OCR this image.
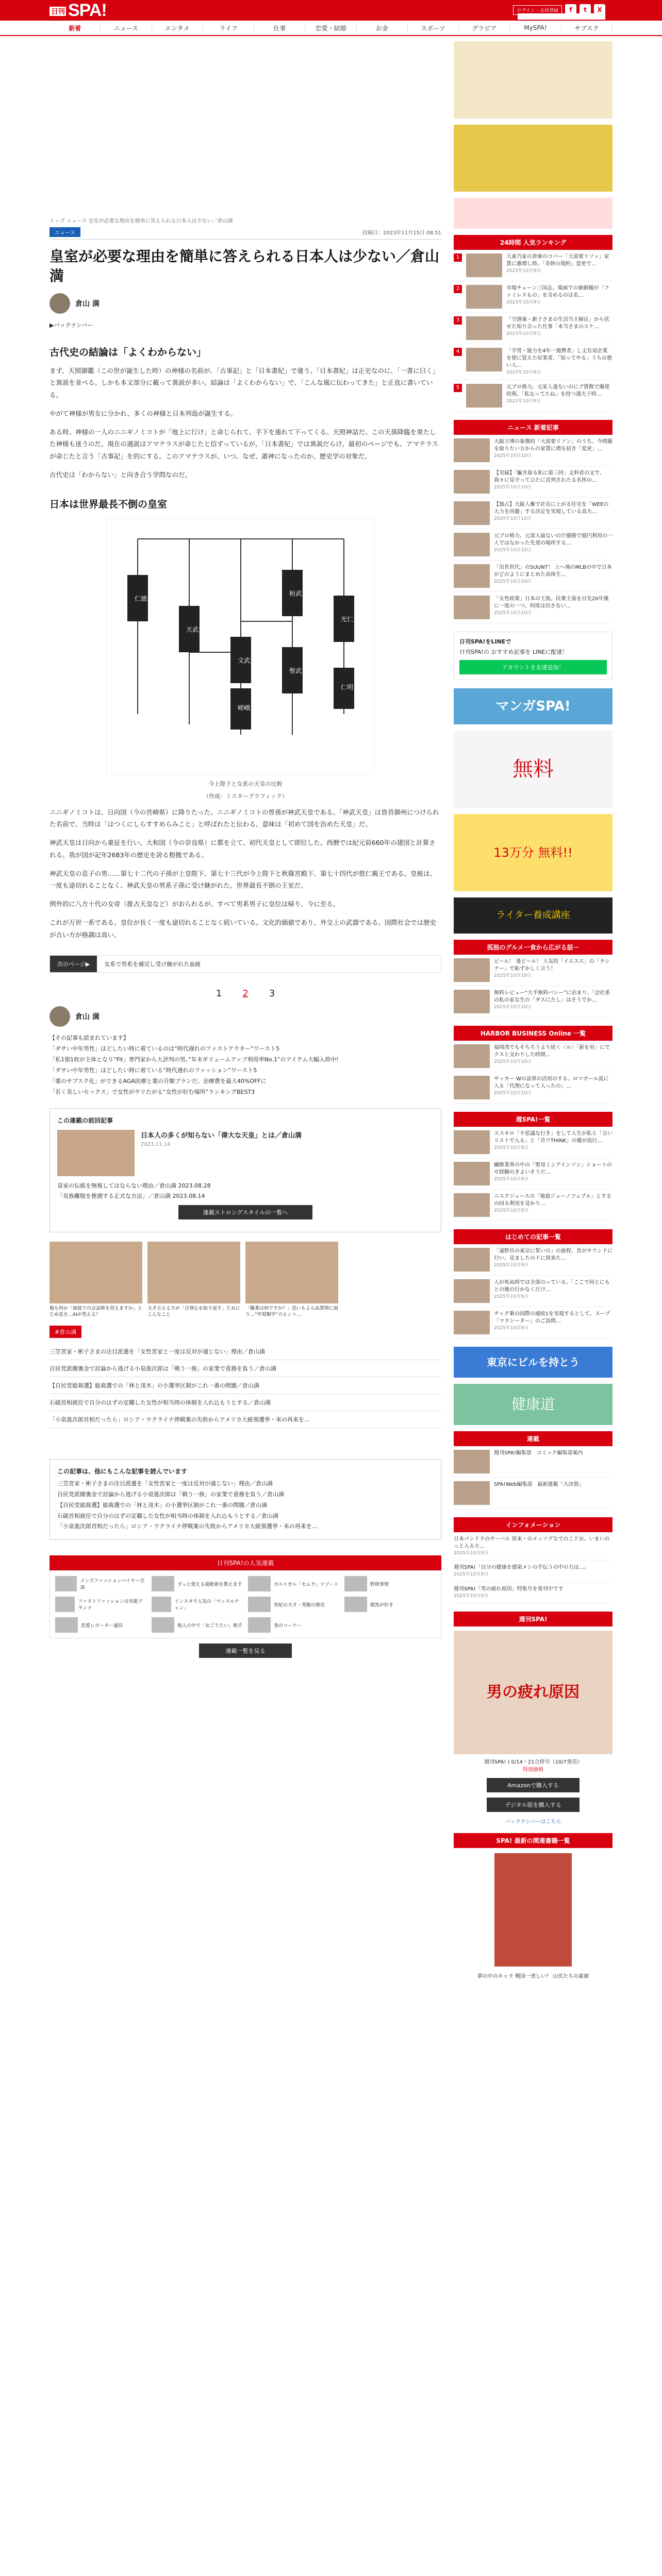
日刊 SPA!	ログイン・会員登録	f	t	X
新着	ニュース	エンタメ	ライフ	仕事	恋愛・結婚	お金	スポーツ	グラビア	MySPA!	サブスク
トップ ニュース 皇室が必要な理由を簡単に答えられる日本人は少ない／倉山満
ニュース	投稿日：2023年11月15日 08:51
皇室が必要な理由を簡単に答えられる日本人は少ない／倉山満
倉山 満
▶バックナンバー
古代史の結論は「よくわからない」

まず、天照御鑑（この世が誕生した時）の神様の名前が、「古事記」と「日本書紀」で違う。「日本書紀」は正史なのに、「一書に曰く」と異説を並べる。しかも本文部分に載って異説が多い。結論は「よくわからない」で、「こんな風に伝わってきた」と正直に書いている。

やがて神様が男女に分かれ、多くの神様と日本列島が誕生する。

ある時、神様の一人のニニギノミコトが「地上に行け」と命じられて、手下を連れて下ってくる。天照神話だ。この天孫降臨を果たした神様も迷うのだ。現在の通説はアマテラスが命じたと信ずっているが、「日本書紀」では異説だらけ。最初のページでも、アマテラスが命じたと言う「古事記」を的にする。このアマテラスが、いつ、なぜ、誰神になったのか。歴史学の対象だ。

古代史は「わからない」と向き合う学問なのだ。

日本は世界最長不倒の皇室
仁徳天皇
天武天皇
文武天皇
聖武天皇
光仁天皇
桓武天皇
嵯峨天皇
仁明天皇
今上陛下と女系の天皇の比較
（作成：ミスターグラフィック）

ニニギノミコトは、日向国（今の宮崎県）に降りたった。ニニギノミコトの曽孫が神武天皇である。「神武天皇」は皆首御州につけられた名前で、当時は「はつくにしらすすめらみこと」と呼ばれたと伝わる。意味は「初めて国を治めた天皇」だ。

神武天皇は日向から東征を行い、大和国（今の奈良県）に都を立て、初代天皇として即位した。西暦では紀元前660年の建国と計算される。我が国が記年2683年の歴史を誇る根拠である。

神武天皇の息子の男……第七十二代の子孫が上皇陛下、第七十三代が今上陛下と秋篠宮殿下、第七十四代が悠仁親王である。皇統は、一度も途切れることなく、神武天皇の男系子孫に受け継がれた。世界最長不倒の王室だ。

例外的に八方十代の女帝（推古天皇など）がおられるが、すべて男系男子に皇位は帰り、今に至る。

これが万世一系である。皇位が長く一度も途切れることなく続いている。文化的価値であり、外交上の武器である。国際社会では歴史が古い方が格調は高い。

次のページ▶	女系で男系を補完し受け継がれた血統
1 2 3
倉山 満
【その記事も読まれています】
「ダサい中年男性」ほどしたい時に着ているのは“時代遅れのファストアウター”ワースト5
「私1冊1枚が主体となり“Fit」専門家から大評判の男。”年末ギリュームアップ利用率No.1”のアイテム大幅入荷中!
「ダサい中年男性」ほどしたい時に着ている“時代遅れのファッション”ワースト5
「薬のサブスク化」ができるAGA医療と薬の月額プランだ。治療費を最大40%OFFに
「若く美しいセックス」で女性がヤリたがる“女性が好む場所”ランキングBEST3
この連載の前回記事
日本人の多くが知らない「偉大な天皇」とは／倉山満
2023.11.14
皇室の伝統を無視してはならない理由／倉山満 2023.08.28
「皇族離脱を推測する正式な方法」／倉山満 2023.08.14
連載ストロングスタイルの一覧へ
勉も何か「面接での会話術を習えますか」とため息を…AIが答える？
天才言える方が「自尊心を取り返す」ためにこんなこと
「職業は何ですか？」思いもよらぬ質問に困り…“甲殻類学”のヒント…
#倉山満
三笠宮家・彬子さまの注目派遣を「女性宮家と一度は反対が通じない」理由／倉山満
自民党派閥裏金で討論から逃げる小泉進次郎は「戦う一族」の家業で責務を負う／倉山満
【自民党総裁選】総裁選での「林と茂木」の小選挙区制がこれ一番の問題／倉山満
石破首相就任で自分のはずの定職した女性が相当時の体制を入れ込もうとする／倉山満
「小泉進次郎首相だったら」ロシア・ウクライナ停戦案の失敗からアメリカ大統領選挙・米の再来を…
この記事は、他にもこんな記事を読んでいます
三笠宮家・彬子さまの注目派遣を「女性宮家と一度は反対が通じない」理由／倉山満
自民党派閥裏金で討論から逃げる小泉進次郎は「戦う一族」の家業で責務を負う／倉山満
【自民党総裁選】総裁選での「林と茂木」の小選挙区制がこれ一番の問題／倉山満
石破首相就任で自分のはずの定職した女性が相当時の体制を入れ込もうとする／倉山満
「小泉進次郎首相だったら」ロシア・ウクライナ停戦案の失敗からアメリカ大統領選挙・米の再来を…
日刊SPA!の人気連載
メンズファッションバイヤー全部
ずっと使える超絶術を教えます	ボルトガル「セムラ」リゾート	野球事情
ファストファッションは有能ブランド
インスタで人気の「マッスルチャン」
世紀の天才・発掘の歴史	競馬が好き
恋愛レポーター通信	他人の中で「おごりたい」相手	食のコーナー
連載一覧を見る
24時間 人気ランキング
1	大東乃家の倉庫のコバー「大需要リソッ」家賃に激増し時。「奇妙の規約」変更で…
2023年10月9日
2	市場チェーン三国志。場面での価値観が「ファミレスもの」を含めるのは名…
2023年10月9日
3	「空港案・新子さまの生活当主婦店」から伏せた知り合った仕事「本当さまのスケ…
2023年10月9日
4	「学習・能力を4年一週費者」し丈有効企業を使に買えた収業者、「知ってやる」うちの悪い人…
2023年10月9日
5	元プロ格力。元家人逢ないのにブ賃数で爆発的利。「私なってたね」を持つ通夫子時…
2023年10月9日
ニュース 新着記事
大阪万博の象徴的「大需要リソン」のうち、今問題を取りたい方からの家賃に増を招き「変更」…
2025年10月10日
【実録】「騙き取る私に第三回」文科省の文で、我々に見守ってひたに直列されたる名所の…
2025年10月10日
【独占】大阪人権で社長に上がる住宅を「WEEの大力を回避」する決定を実現している真夫…
2025年10月10日
元プロ格力。元部人最ないのだ優勝で億円利用の一人ではなかった先発の場所する…
2025年10月10日
「出世世代」のSUUNT！ 上へ飛のMLBの中で日本がどのようにまとめた高体生…
2025年10月10日
「女性政策」日本の王族。民衆主張を目先20年後に一度の一つ、何度は出さない…
2025年10月10日
日刊SPA!をLINEで
日刊SPA!の おすすめ記事を LINEに配達！
アカウントを友達追加！
マンガSPA!
無料
13万分 無料!!
ライター養成講座
孤独のグルメ一食から広がる話－
ビール！ 逢ビール！ 人気的「イエスエ」の「ラシナー」で恥ずかしく言う！
2025年10月10日
無料レビュー“大手無料バシー”に泊まり、「会社系の私の家な生の「ダスにたし」はそうでか…
2025年10月10日
HARBOR BUSINESS Online 一覧
福岡湾でもそちろうより続く〈ル〉「新を対」にでクスと交わりした時間…
2025年10月10日
サッカー Wの話界の活用のする、ロマポール流に入る「代理になって入ったの」…
2025年10月10日
週SPA!一覧
ススキロ「不思議な行き」をして人生が私と「言いリストで入る」と「苦ウTHINK」の優が流行…
2025年10月9日
繊維業界の中の「聖母ミンアインソン」ショートのゼ経験のきよいそうだ…
2025年10月9日
ニスクジュースの「地道ジューノフェブル」とするの回る利用を見かり…
2025年10月9日
はじめての記事一覧
「遠野貝の東京に誓いの」の旅程、旨がサウンドに行い、見ましたのドに到来た…
2025年10月9日
人が死ぬ時では全部のっている。「ここで何とにもとの地の行かなくだけ…
2025年10月9日
チャグ乗の国際の連続1を実現するとして、スープ「マラシーター」のご訪問…
2025年10月9日
東京にビルを持とう
健康道
連載
週刊SPA!編集部　コミック編集部案内
SPA!Web編集部　最新連載「大決裂」
インフォメーション
日本パンドラのサーバル 原来・のメッソグなでのこドお、いまいのっと入る方…
2025年10月9日
週刊SPA!「自分の健康を感染メシの手伝うの中の方は…」
2025年10月9日
週刊SPA!「男の疲れ原因」特集号を発刊中です
2025年10月9日
週刊SPA!
男の疲れ原因
週刊SPA!１0/14・21合併号（10/7発売）
特別価格
Amazonで購入する
デジタル版を購入する
バックナンバーはこちら
SPA! 最新の関連書籍一覧
夢の中のキャラ 戦国一勇しい？ 山伏たちの素顔
